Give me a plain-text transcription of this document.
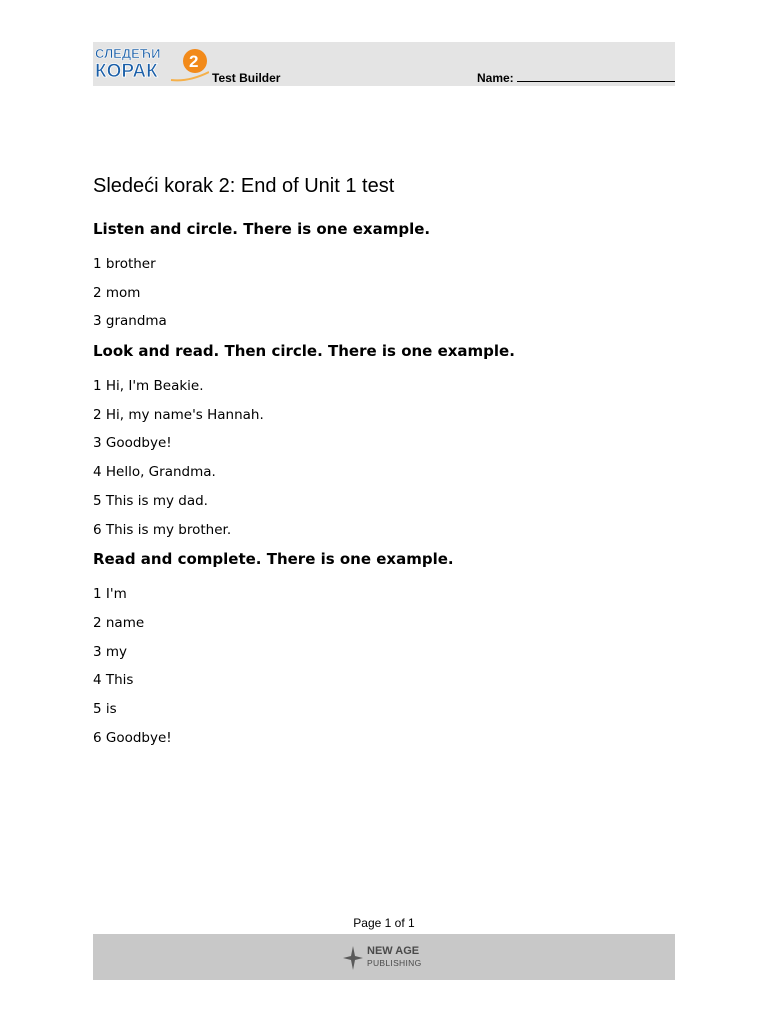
СЛЕДЕЋИ
КОРАК 2
Test Builder	Name:
Sledeći korak 2: End of Unit 1 test

Listen and circle. There is one example.

1 brother

2 mom

3 grandma

Look and read. Then circle. There is one example.

1 Hi, I'm Beakie.

2 Hi, my name's Hannah.

3 Goodbye!

4 Hello, Grandma.

5 This is my dad.

6 This is my brother.

Read and complete. There is one example.

1 I'm

2 name

3 my

4 This

5 is

6 Goodbye!

Page 1 of 1
NEW AGE
PUBLISHING
